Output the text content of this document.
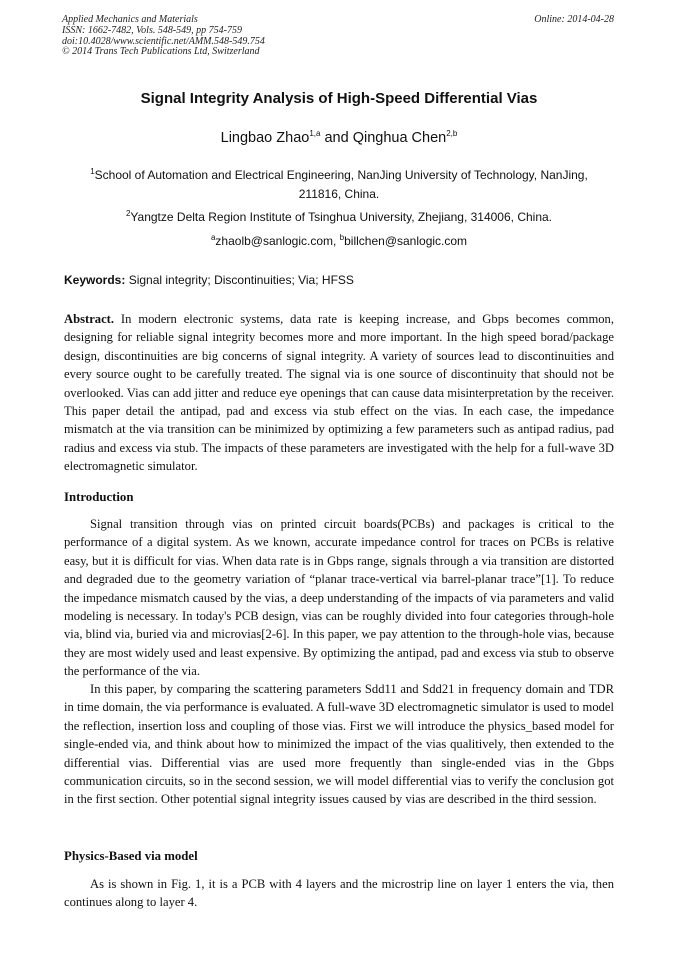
Applied Mechanics and Materials
ISSN: 1662-7482, Vols. 548-549, pp 754-759
doi:10.4028/www.scientific.net/AMM.548-549.754
© 2014 Trans Tech Publications Ltd, Switzerland
Online: 2014-04-28
Signal Integrity Analysis of High-Speed Differential Vias
Lingbao Zhao$^{1,a}$ and Qinghua Chen$^{2,b}$
$^1$School of Automation and Electrical Engineering, NanJing University of Technology, NanJing, 211816, China.
$^2$Yangtze Delta Region Institute of Tsinghua University, Zhejiang, 314006, China.
$^a$zhaolb@sanlogic.com, $^b$billchen@sanlogic.com
Keywords: Signal integrity; Discontinuities; Via; HFSS
Abstract. In modern electronic systems, data rate is keeping increase, and Gbps becomes common, designing for reliable signal integrity becomes more and more important. In the high speed borad/package design, discontinuities are big concerns of signal integrity. A variety of sources lead to discontinuities and every source ought to be carefully treated. The signal via is one source of discontinuity that should not be overlooked. Vias can add jitter and reduce eye openings that can cause data misinterpretation by the receiver. This paper detail the antipad, pad and excess via stub effect on the vias. In each case, the impedance mismatch at the via transition can be minimized by optimizing a few parameters such as antipad radius, pad radius and excess via stub. The impacts of these parameters are investigated with the help for a full-wave 3D electromagnetic simulator.
Introduction
Signal transition through vias on printed circuit boards(PCBs) and packages is critical to the performance of a digital system. As we known, accurate impedance control for traces on PCBs is relative easy, but it is difficult for vias. When data rate is in Gbps range, signals through a via transition are distorted and degraded due to the geometry variation of “planar trace-vertical via barrel-planar trace”[1]. To reduce the impedance mismatch caused by the vias, a deep understanding of the impacts of via parameters and valid modeling is necessary. In today's PCB design, vias can be roughly divided into four categories through-hole via, blind via, buried via and microvias[2-6]. In this paper, we pay attention to the through-hole vias, because they are most widely used and least expensive. By optimizing the antipad, pad and excess via stub to observe the performance of the via.
In this paper, by comparing the scattering parameters Sdd11 and Sdd21 in frequency domain and TDR in time domain, the via performance is evaluated. A full-wave 3D electromagnetic simulator is used to model the reflection, insertion loss and coupling of those vias. First we will introduce the physics_based model for single-ended via, and think about how to minimized the impact of the vias qualitively, then extended to the differential vias. Differential vias are used more frequently than single-ended vias in the Gbps communication circuits, so in the second session, we will model differential vias to verify the conclusion got in the first section. Other potential signal integrity issues caused by vias are described in the third session.
Physics-Based via model
As is shown in Fig. 1, it is a PCB with 4 layers and the microstrip line on layer 1 enters the via, then continues along to layer 4.
